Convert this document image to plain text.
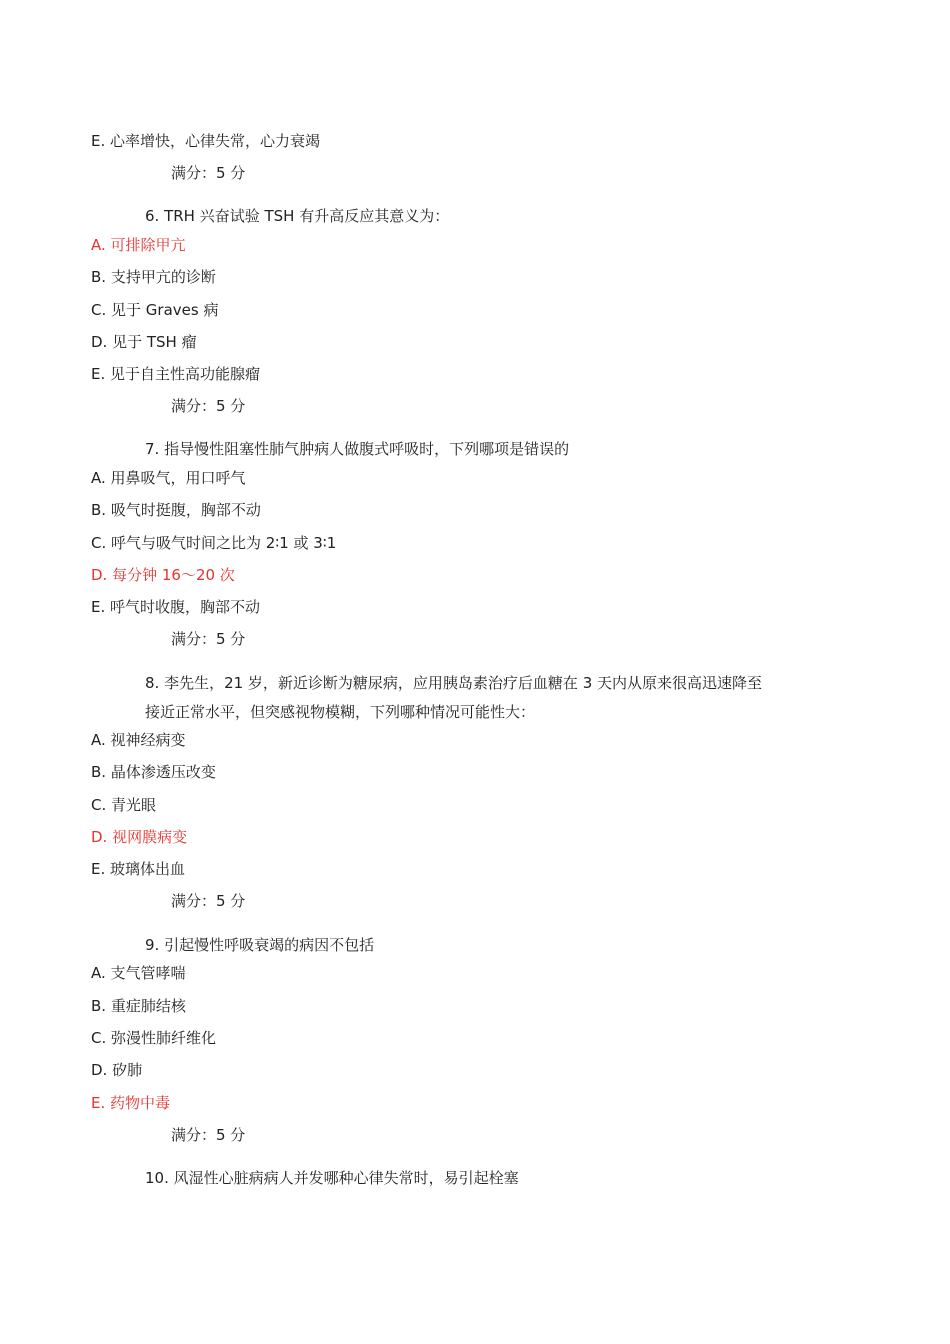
E. 心率增快，心律失常，心力衰竭
满分：5 分
6. TRH 兴奋试验 TSH 有升高反应其意义为：
A. 可排除甲亢
B. 支持甲亢的诊断
C. 见于 Graves 病
D. 见于 TSH 瘤
E. 见于自主性高功能腺瘤
满分：5 分
7. 指导慢性阻塞性肺气肿病人做腹式呼吸时，下列哪项是错误的
A. 用鼻吸气，用口呼气
B. 吸气时挺腹，胸部不动
C. 呼气与吸气时间之比为 2∶1 或 3∶1
D. 每分钟 16～20 次
E. 呼气时收腹，胸部不动
满分：5 分
8. 李先生，21 岁，新近诊断为糖尿病，应用胰岛素治疗后血糖在 3 天内从原来很高迅速降至
接近正常水平，但突感视物模糊，下列哪种情况可能性大：
A. 视神经病变
B. 晶体渗透压改变
C. 青光眼
D. 视网膜病变
E. 玻璃体出血
满分：5 分
9. 引起慢性呼吸衰竭的病因不包括
A. 支气管哮喘
B. 重症肺结核
C. 弥漫性肺纤维化
D. 矽肺
E. 药物中毒
满分：5 分
10. 风湿性心脏病病人并发哪种心律失常时，易引起栓塞
